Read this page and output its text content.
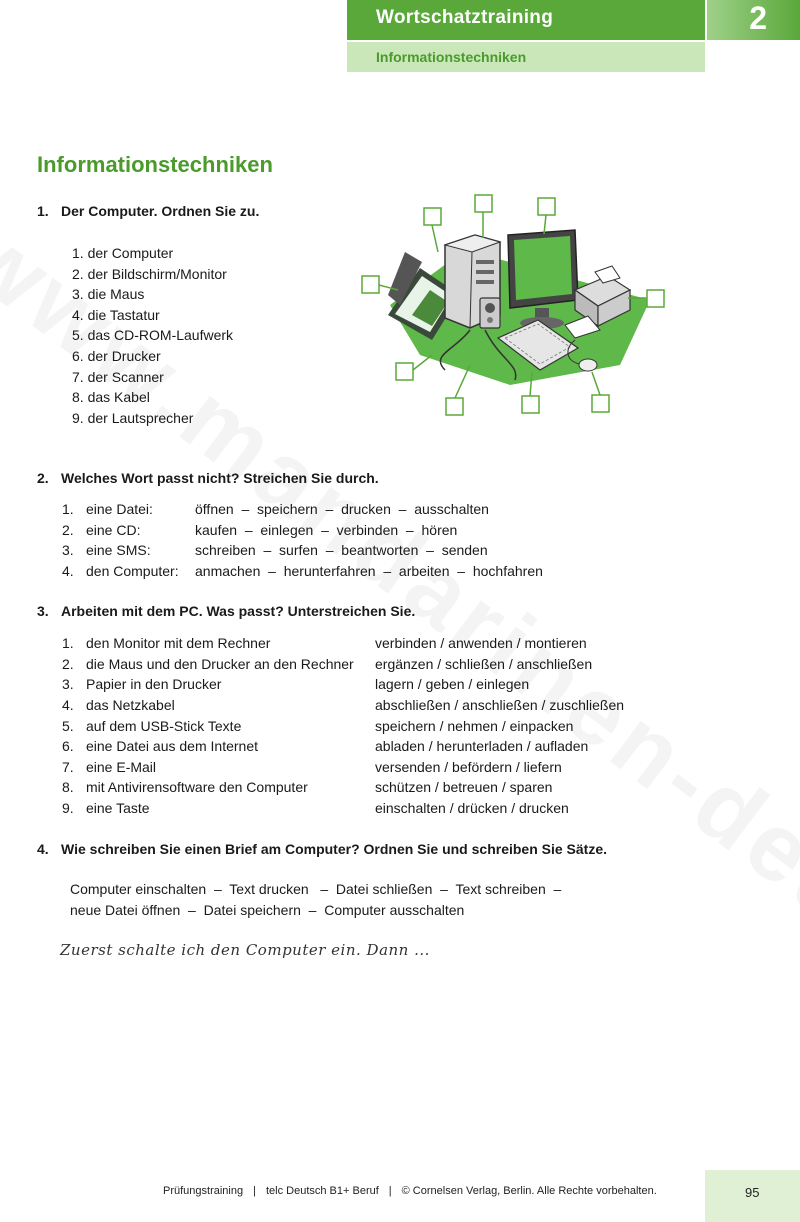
Wortschatztraining	2
Informationstechniken
Informationstechniken
1. Der Computer. Ordnen Sie zu.
1. der Computer
2. der Bildschirm/Monitor
3. die Maus
4. die Tastatur
5. das CD-ROM-Laufwerk
6. der Drucker
7. der Scanner
8. das Kabel
9. der Lautsprecher
2. Welches Wort passt nicht? Streichen Sie durch.
1. eine Datei:	öffnen  –  speichern  –  drucken  –  ausschalten
2. eine CD:	kaufen  –  einlegen  –  verbinden  –  hören
3. eine SMS:	schreiben  –  surfen  –  beantworten  –  senden
4. den Computer: anmachen  –  herunterfahren  –  arbeiten  –  hochfahren
3. Arbeiten mit dem PC. Was passt? Unterstreichen Sie.
1. den Monitor mit dem Rechner	verbinden / anwenden / montieren
2. die Maus und den Drucker an den Rechner ergänzen / schließen / anschließen
3. Papier in den Drucker	lagern / geben / einlegen
4. das Netzkabel	abschließen / anschließen / zuschließen
5. auf dem USB-Stick Texte	speichern / nehmen / einpacken
6. eine Datei aus dem Internet	abladen / herunterladen / aufladen
7. eine E-Mail	versenden / befördern / liefern
8. mit Antivirensoftware den Computer	schützen / betreuen / sparen
9. eine Taste	einschalten / drücken / drucken
4. Wie schreiben Sie einen Brief am Computer? Ordnen Sie und schreiben Sie Sätze.
Computer einschalten  –  Text drucken   –  Datei schließen  –  Text schreiben  –
neue Datei öffnen  –  Datei speichern  –  Computer ausschalten
Zuerst schalte ich den Computer ein. Dann ...
Prüfungstraining | telc Deutsch B1+ Beruf | © Cornelsen Verlag, Berlin. Alle Rechte vorbehalten.	95
